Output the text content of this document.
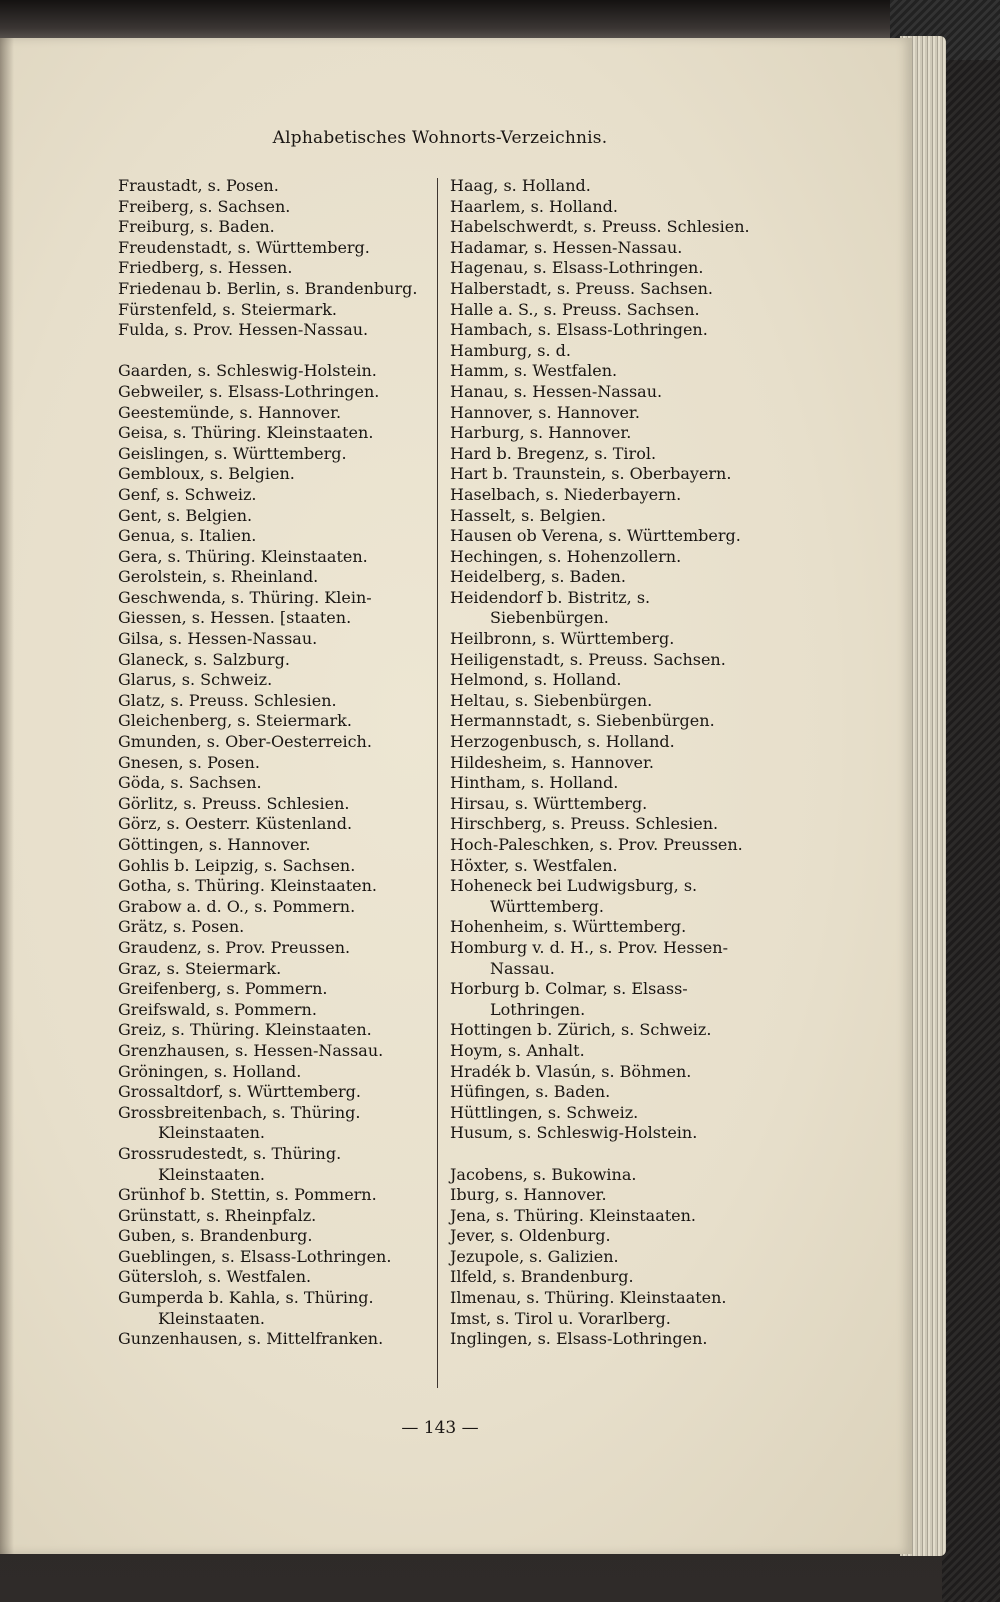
Alphabetisches Wohnorts-Verzeichnis.
Fraustadt, s. Posen.
Freiberg, s. Sachsen.
Freiburg, s. Baden.
Freudenstadt, s. Württemberg.
Friedberg, s. Hessen.
Friedenau b. Berlin, s. Brandenburg.
Fürstenfeld, s. Steiermark.
Fulda, s. Prov. Hessen-Nassau.
Gaarden, s. Schleswig-Holstein.
Gebweiler, s. Elsass-Lothringen.
Geestemünde, s. Hannover.
Geisa, s. Thüring. Kleinstaaten.
Geislingen, s. Württemberg.
Gembloux, s. Belgien.
Genf, s. Schweiz.
Gent, s. Belgien.
Genua, s. Italien.
Gera, s. Thüring. Kleinstaaten.
Gerolstein, s. Rheinland.
Geschwenda, s. Thüring. Klein-
Giessen, s. Hessen. [staaten.
Gilsa, s. Hessen-Nassau.
Glaneck, s. Salzburg.
Glarus, s. Schweiz.
Glatz, s. Preuss. Schlesien.
Gleichenberg, s. Steiermark.
Gmunden, s. Ober-Oesterreich.
Gnesen, s. Posen.
Göda, s. Sachsen.
Görlitz, s. Preuss. Schlesien.
Görz, s. Oesterr. Küstenland.
Göttingen, s. Hannover.
Gohlis b. Leipzig, s. Sachsen.
Gotha, s. Thüring. Kleinstaaten.
Grabow a. d. O., s. Pommern.
Grätz, s. Posen.
Graudenz, s. Prov. Preussen.
Graz, s. Steiermark.
Greifenberg, s. Pommern.
Greifswald, s. Pommern.
Greiz, s. Thüring. Kleinstaaten.
Grenzhausen, s. Hessen-Nassau.
Gröningen, s. Holland.
Grossaltdorf, s. Württemberg.
Grossbreitenbach, s. Thüring. Kleinstaaten.
Grossrudestedt, s. Thüring. Kleinstaaten.
Grünhof b. Stettin, s. Pommern.
Grünstatt, s. Rheinpfalz.
Guben, s. Brandenburg.
Gueblingen, s. Elsass-Lothringen.
Gütersloh, s. Westfalen.
Gumperda b. Kahla, s. Thüring. Kleinstaaten.
Gunzenhausen, s. Mittelfranken.
Haag, s. Holland.
Haarlem, s. Holland.
Habelschwerdt, s. Preuss. Schlesien.
Hadamar, s. Hessen-Nassau.
Hagenau, s. Elsass-Lothringen.
Halberstadt, s. Preuss. Sachsen.
Halle a. S., s. Preuss. Sachsen.
Hambach, s. Elsass-Lothringen.
Hamburg, s. d.
Hamm, s. Westfalen.
Hanau, s. Hessen-Nassau.
Hannover, s. Hannover.
Harburg, s. Hannover.
Hard b. Bregenz, s. Tirol.
Hart b. Traunstein, s. Oberbayern.
Haselbach, s. Niederbayern.
Hasselt, s. Belgien.
Hausen ob Verena, s. Württemberg.
Hechingen, s. Hohenzollern.
Heidelberg, s. Baden.
Heidendorf b. Bistritz, s. Siebenbürgen.
Heilbronn, s. Württemberg.
Heiligenstadt, s. Preuss. Sachsen.
Helmond, s. Holland.
Heltau, s. Siebenbürgen.
Hermannstadt, s. Siebenbürgen.
Herzogenbusch, s. Holland.
Hildesheim, s. Hannover.
Hintham, s. Holland.
Hirsau, s. Württemberg.
Hirschberg, s. Preuss. Schlesien.
Hoch-Paleschken, s. Prov. Preussen.
Höxter, s. Westfalen.
Hoheneck bei Ludwigsburg, s. Württemberg.
Hohenheim, s. Württemberg.
Homburg v. d. H., s. Prov. Hessen-Nassau.
Horburg b. Colmar, s. Elsass-Lothringen.
Hottingen b. Zürich, s. Schweiz.
Hoym, s. Anhalt.
Hradék b. Vlasún, s. Böhmen.
Hüfingen, s. Baden.
Hüttlingen, s. Schweiz.
Husum, s. Schleswig-Holstein.
Jacobens, s. Bukowina.
Iburg, s. Hannover.
Jena, s. Thüring. Kleinstaaten.
Jever, s. Oldenburg.
Jezupole, s. Galizien.
Ilfeld, s. Brandenburg.
Ilmenau, s. Thüring. Kleinstaaten.
Imst, s. Tirol u. Vorarlberg.
Inglingen, s. Elsass-Lothringen.
— 143 —
